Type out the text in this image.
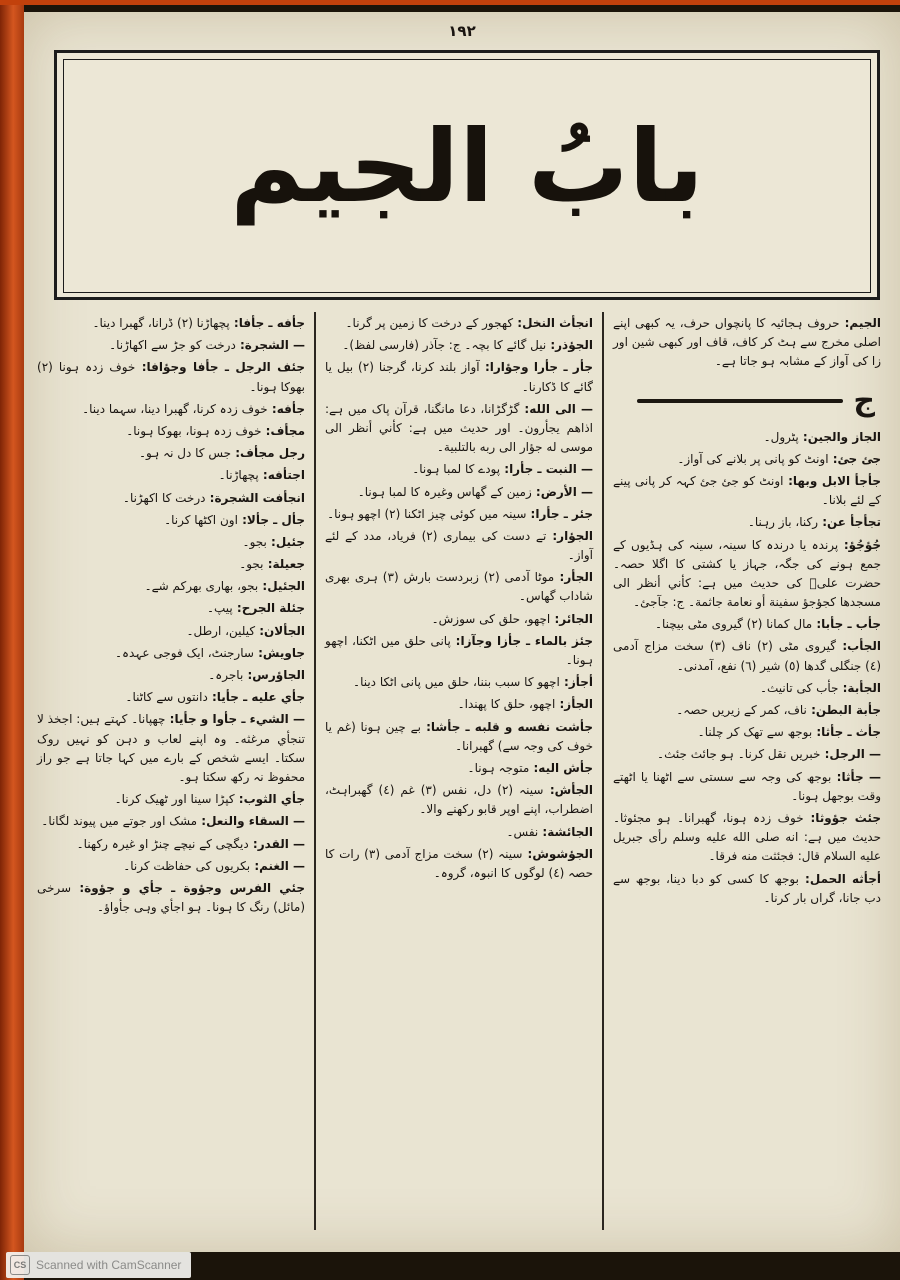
١٩٢
بابُ الجيم

الجيم: حروف ہجائیہ کا پانچواں حرف، یہ کبھی اپنے اصلی مخرج سے ہٹ کر کاف، قاف اور کبھی شین اور زا کی آواز کے مشابہ ہو جاتا ہے۔

ج

الجاز والجين: پٹرول۔

جئ جئ: اونٹ کو پانی پر بلانے کی آواز۔

جأجأ الابل وبها: اونٹ کو جئ جئ کہہ کر پانی پینے کے لئے بلانا۔

تجأجأ عن: رکنا، باز رہنا۔

جُؤجُؤ: پرندہ یا درندہ کا سینہ، سینہ کی ہڈیوں کے جمع ہونے کی جگہ، جہاز یا کشتی کا اگلا حصہ۔ حضرت علیؓ کی حدیث میں ہے: كأني أنظر الى مسجدها كجؤجؤ سفينة أو نعامة جاثمة۔ ج: جآجئ۔

جأب ـ جأبا: مال کمانا (٢) گیروی مٹی بیچنا۔

الجأب: گیروی مٹی (٢) ناف (٣) سخت مزاج آدمی (٤) جنگلی گدھا (٥) شیر (٦) نفع، آمدنی۔

الجأبة: جأب کی تانیث۔

جأبة البطن: ناف، کمر کے زیریں حصہ۔

جأث ـ جأثا: بوجھ سے تھک کر چلنا۔

— الرجل: خبریں نقل کرنا۔ ہو جائث جئث۔

— جأثا: بوجھ کی وجہ سے سستی سے اٹھنا یا اٹھتے وقت بوجھل ہونا۔

جئث جؤوثا: خوف زدہ ہونا، گھبرانا۔ ہو مجئوثا۔ حدیث میں ہے: انه صلى الله عليه وسلم رأى جبريل عليه السلام قال: فجئثت منه فرقا۔

أجأثه الحمل: بوجھ کا کسی کو دبا دینا، بوجھ سے دب جانا، گراں بار کرنا۔

انجأث النخل: کھجور کے درخت کا زمین پر گرنا۔

الجؤذر: نیل گائے کا بچہ۔ ج: جآذر (فارسی لفظ)۔

جأر ـ جأرا وجؤارا: آواز بلند کرنا، گرجنا (٢) بیل یا گائے کا ڈکارنا۔

— الى الله: گڑگڑانا، دعا مانگنا، قرآن پاک میں ہے: اذاهم يجأرون۔ اور حدیث میں ہے: كأني أنظر الى موسى له جؤار الى ربه بالتلبية۔

— النبت ـ جأرا: پودے کا لمبا ہونا۔

— الأرض: زمین کے گھاس وغیرہ کا لمبا ہونا۔

جئر ـ جأرا: سینہ میں کوئی چیز اٹکنا (٢) اچھو ہونا۔

الجؤار: تے دست کی بیماری (٢) فریاد، مدد کے لئے آواز۔

الجأر: موٹا آدمی (٢) زبردست بارش (٣) ہری بھری شاداب گھاس۔

الجائر: اچھو، حلق کی سوزش۔

جئز بالماء ـ جأزا وجآزا: پانی حلق میں اٹکنا، اچھو ہونا۔

أجأز: اچھو کا سبب بننا، حلق میں پانی اٹکا دینا۔

الجأز: اچھو، حلق کا پھندا۔

جأشت نفسه و قلبه ـ جأشا: بے چین ہونا (غم یا خوف کی وجہ سے) گھبرانا۔

جأش اليه: متوجہ ہونا۔

الجأش: سینہ (٢) دل، نفس (٣) غم (٤) گھبراہٹ، اضطراب، اپنے اوپر قابو رکھنے والا۔

الجائشة: نفس۔

الجؤشوش: سینہ (٢) سخت مزاج آدمی (٣) رات کا حصہ (٤) لوگوں کا انبوہ، گروہ۔

جأفه ـ جأفا: پچھاڑنا (٢) ڈرانا، گھبرا دینا۔

— الشجرة: درخت کو جڑ سے اکھاڑنا۔

جئف الرجل ـ جأفا وجؤافا: خوف زدہ ہونا (٢) بھوکا ہونا۔

جأفه: خوف زدہ کرنا، گھبرا دینا، سہما دینا۔

مجأف: خوف زدہ ہونا، بھوکا ہونا۔

رجل مجأف: جس کا دل نہ ہو۔

اجتأفه: پچھاڑنا۔

انجأفت الشجرة: درخت کا اکھڑنا۔

جأل ـ جألا: اون اکٹھا کرنا۔

جئيل: بجو۔

جعيلة: بجو۔

الجئيل: بجو، بھاری بھرکم شے۔

جئلة الجرح: پیپ۔

الجألان: کیلین، ارطل۔

جاويش: سارجنٹ، ایک فوجی عہدہ۔

الجاؤرس: باجرہ۔

جأي عليه ـ جأيا: دانتوں سے کاٹنا۔

— الشيء ـ جأوا و جأيا: چھپانا۔ کہتے ہیں: اجخذ لا تنجأي مرغثه۔ وہ اپنے لعاب و دہن کو نہیں روک سکتا۔ ایسے شخص کے بارے میں کہا جاتا ہے جو راز محفوظ نہ رکھ سکتا ہو۔

جأي الثوب: کپڑا سینا اور ٹھیک کرنا۔

— السقاء والنعل: مشک اور جوتے میں پیوند لگانا۔

— القدر: دیگچی کے نیچے چنڑ او غیرہ رکھنا۔

— الغنم: بکریوں کی حفاظت کرنا۔

جئي الفرس وجؤوة ـ جأي و جؤوة: سرخی (مائل) رنگ کا ہونا۔ ہو اجأي وہی جأواؤ۔

CS Scanned with CamScanner
